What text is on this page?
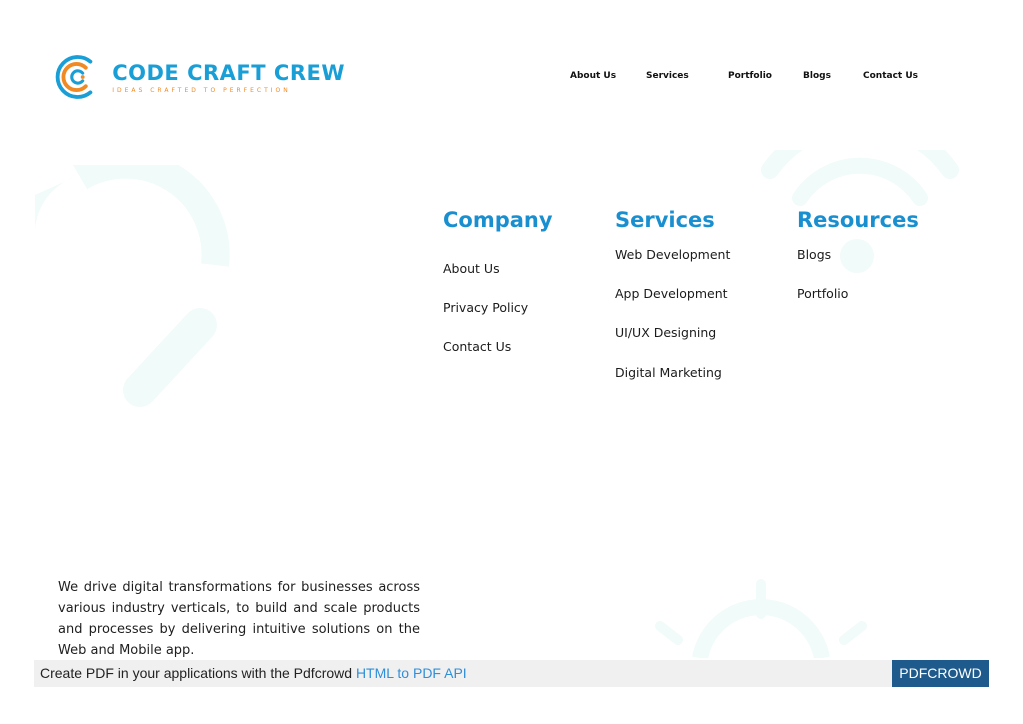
CODE CRAFT CREW
IDEAS CRAFTED TO PERFECTION
About Us	Services	Portfolio	Blogs	Contact Us
Company
About Us
Privacy Policy
Contact Us
Services
Web Development
App Development
UI/UX Designing
Digital Marketing
Resources
Blogs
Portfolio

We drive digital transformations for businesses across various industry verticals, to build and scale products and processes by delivering intuitive solutions on the Web and Mobile app.

Create PDF in your applications with the Pdfcrowd HTML to PDF API	PDFCROWD
